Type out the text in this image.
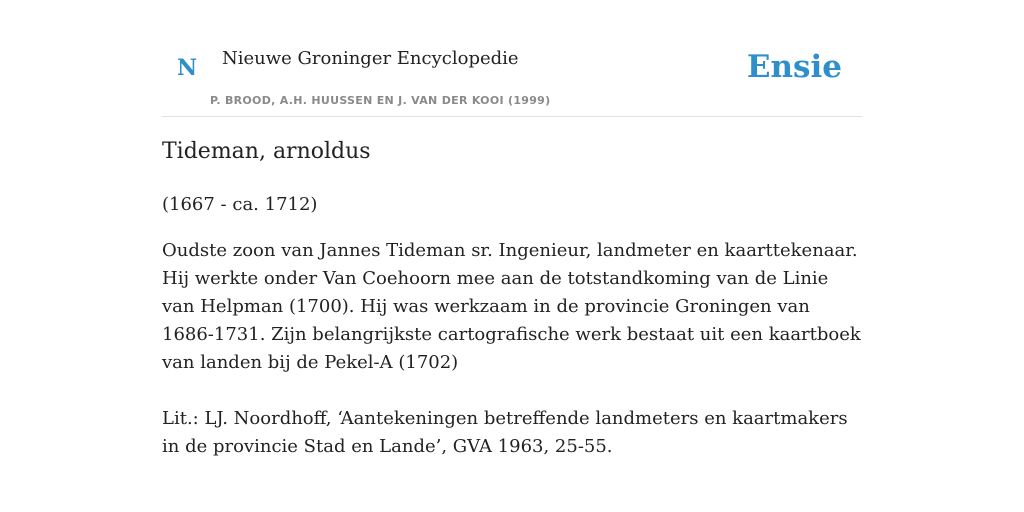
N Nieuwe Groninger Encyclopedie
P. BROOD, A.H. HUUSSEN EN J. VAN DER KOOI (1999)
Ensie
Tideman, arnoldus

(1667 - ca. 1712)

Oudste zoon van Jannes Tideman sr. Ingenieur, landmeter en kaarttekenaar. Hij werkte onder Van Coehoorn mee aan de totstandkoming van de Linie van Helpman (1700). Hij was werkzaam in de provincie Groningen van 1686-1731. Zijn belangrijkste cartografische werk bestaat uit een kaartboek van landen bij de Pekel-A (1702)

Lit.: LJ. Noordhoff, ‘Aantekeningen betreffende landmeters en kaartmakers in de provincie Stad en Lande’, GVA 1963, 25-55.
